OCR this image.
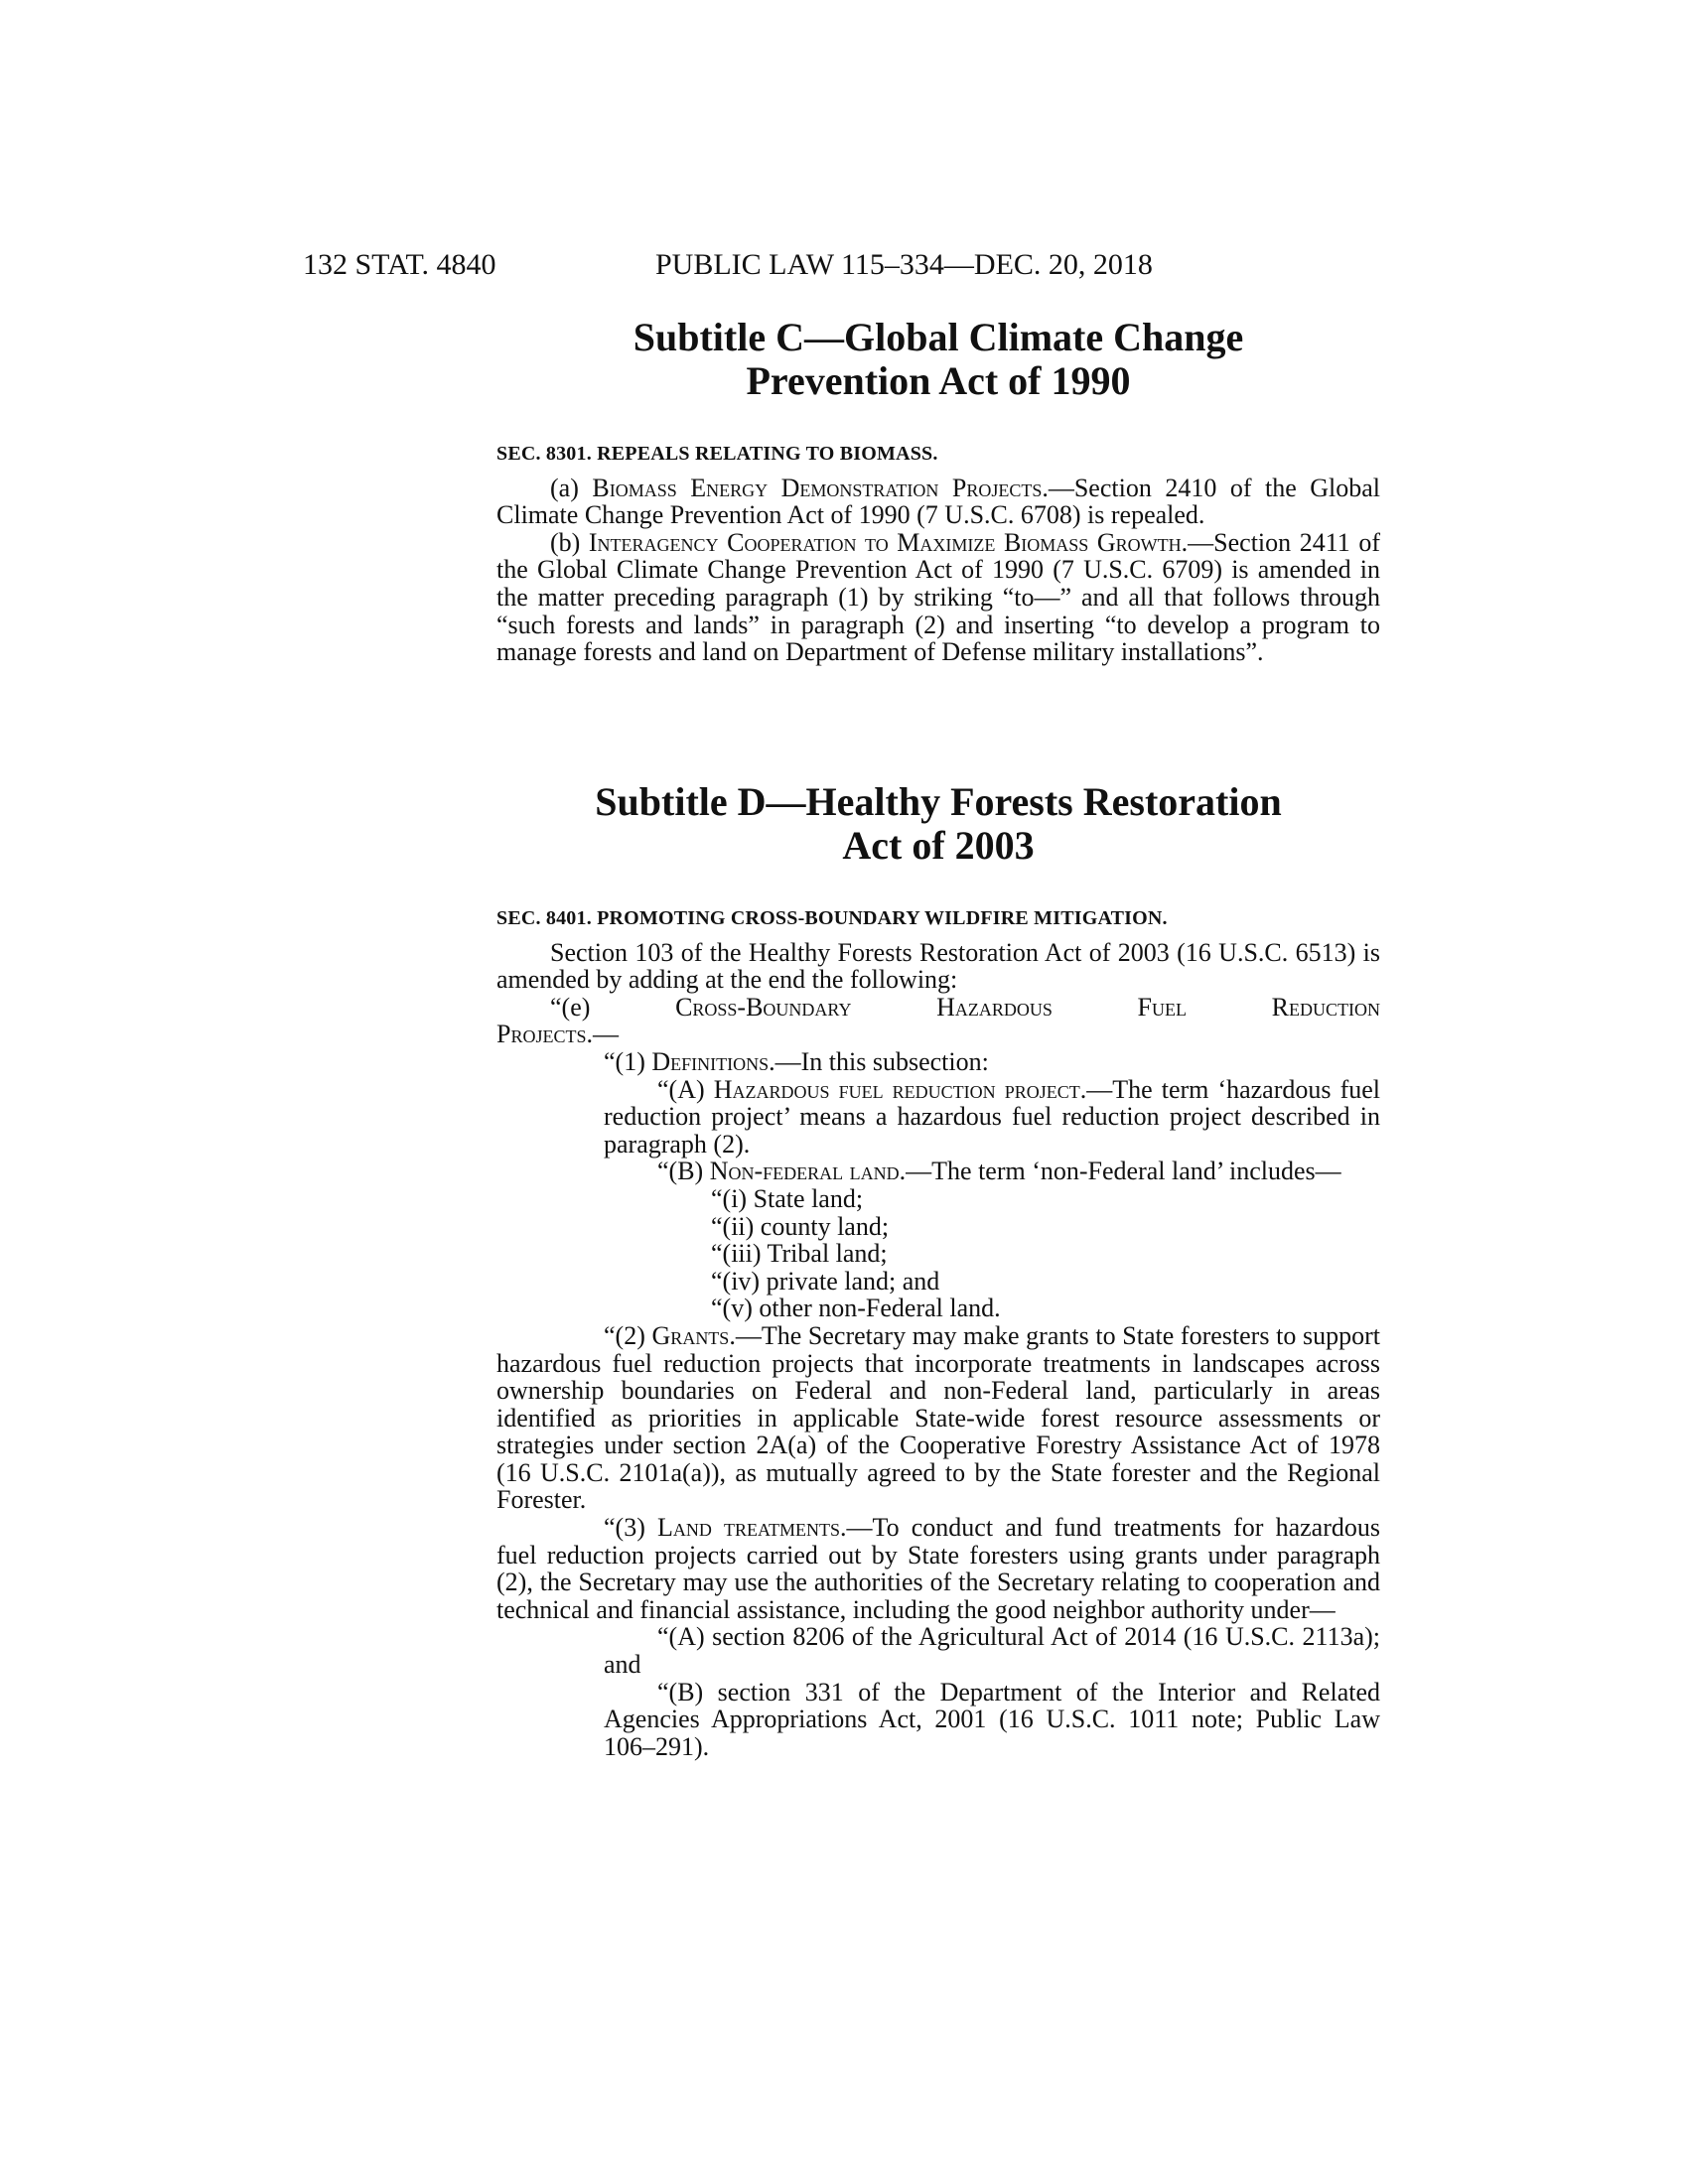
132 STAT. 4840	PUBLIC LAW 115–334—DEC. 20, 2018

Subtitle C—Global Climate Change

Prevention Act of 1990

SEC. 8301. REPEALS RELATING TO BIOMASS.

(a) Biomass Energy Demonstration Projects.—Section 2410 of the Global Climate Change Prevention Act of 1990 (7 U.S.C. 6708) is repealed.

(b) Interagency Cooperation to Maximize Biomass Growth.—Section 2411 of the Global Climate Change Prevention Act of 1990 (7 U.S.C. 6709) is amended in the matter preceding paragraph (1) by striking “to—” and all that follows through “such forests and lands” in paragraph (2) and inserting “to develop a program to manage forests and land on Department of Defense military installations”.

Subtitle D—Healthy Forests Restoration

Act of 2003

SEC. 8401. PROMOTING CROSS-BOUNDARY WILDFIRE MITIGATION.

Section 103 of the Healthy Forests Restoration Act of 2003 (16 U.S.C. 6513) is amended by adding at the end the following:

“(e) Cross-Boundary Hazardous Fuel Reduction

Projects.—

“(1) Definitions.—In this subsection:

“(A) Hazardous fuel reduction project.—The term ‘hazardous fuel reduction project’ means a hazardous fuel reduction project described in paragraph (2).

“(B) Non-federal land.—The term ‘non-Federal land’ includes—

“(i) State land;

“(ii) county land;

“(iii) Tribal land;

“(iv) private land; and

“(v) other non-Federal land.

“(2) Grants.—The Secretary may make grants to State foresters to support hazardous fuel reduction projects that incorporate treatments in landscapes across ownership boundaries on Federal and non-Federal land, particularly in areas identified as priorities in applicable State-wide forest resource assessments or strategies under section 2A(a) of the Cooperative Forestry Assistance Act of 1978 (16 U.S.C. 2101a(a)), as mutually agreed to by the State forester and the Regional Forester.

“(3) Land treatments.—To conduct and fund treatments for hazardous fuel reduction projects carried out by State foresters using grants under paragraph (2), the Secretary may use the authorities of the Secretary relating to cooperation and technical and financial assistance, including the good neighbor authority under—

“(A) section 8206 of the Agricultural Act of 2014 (16 U.S.C. 2113a); and

“(B) section 331 of the Department of the Interior and Related Agencies Appropriations Act, 2001 (16 U.S.C. 1011 note; Public Law 106–291).
